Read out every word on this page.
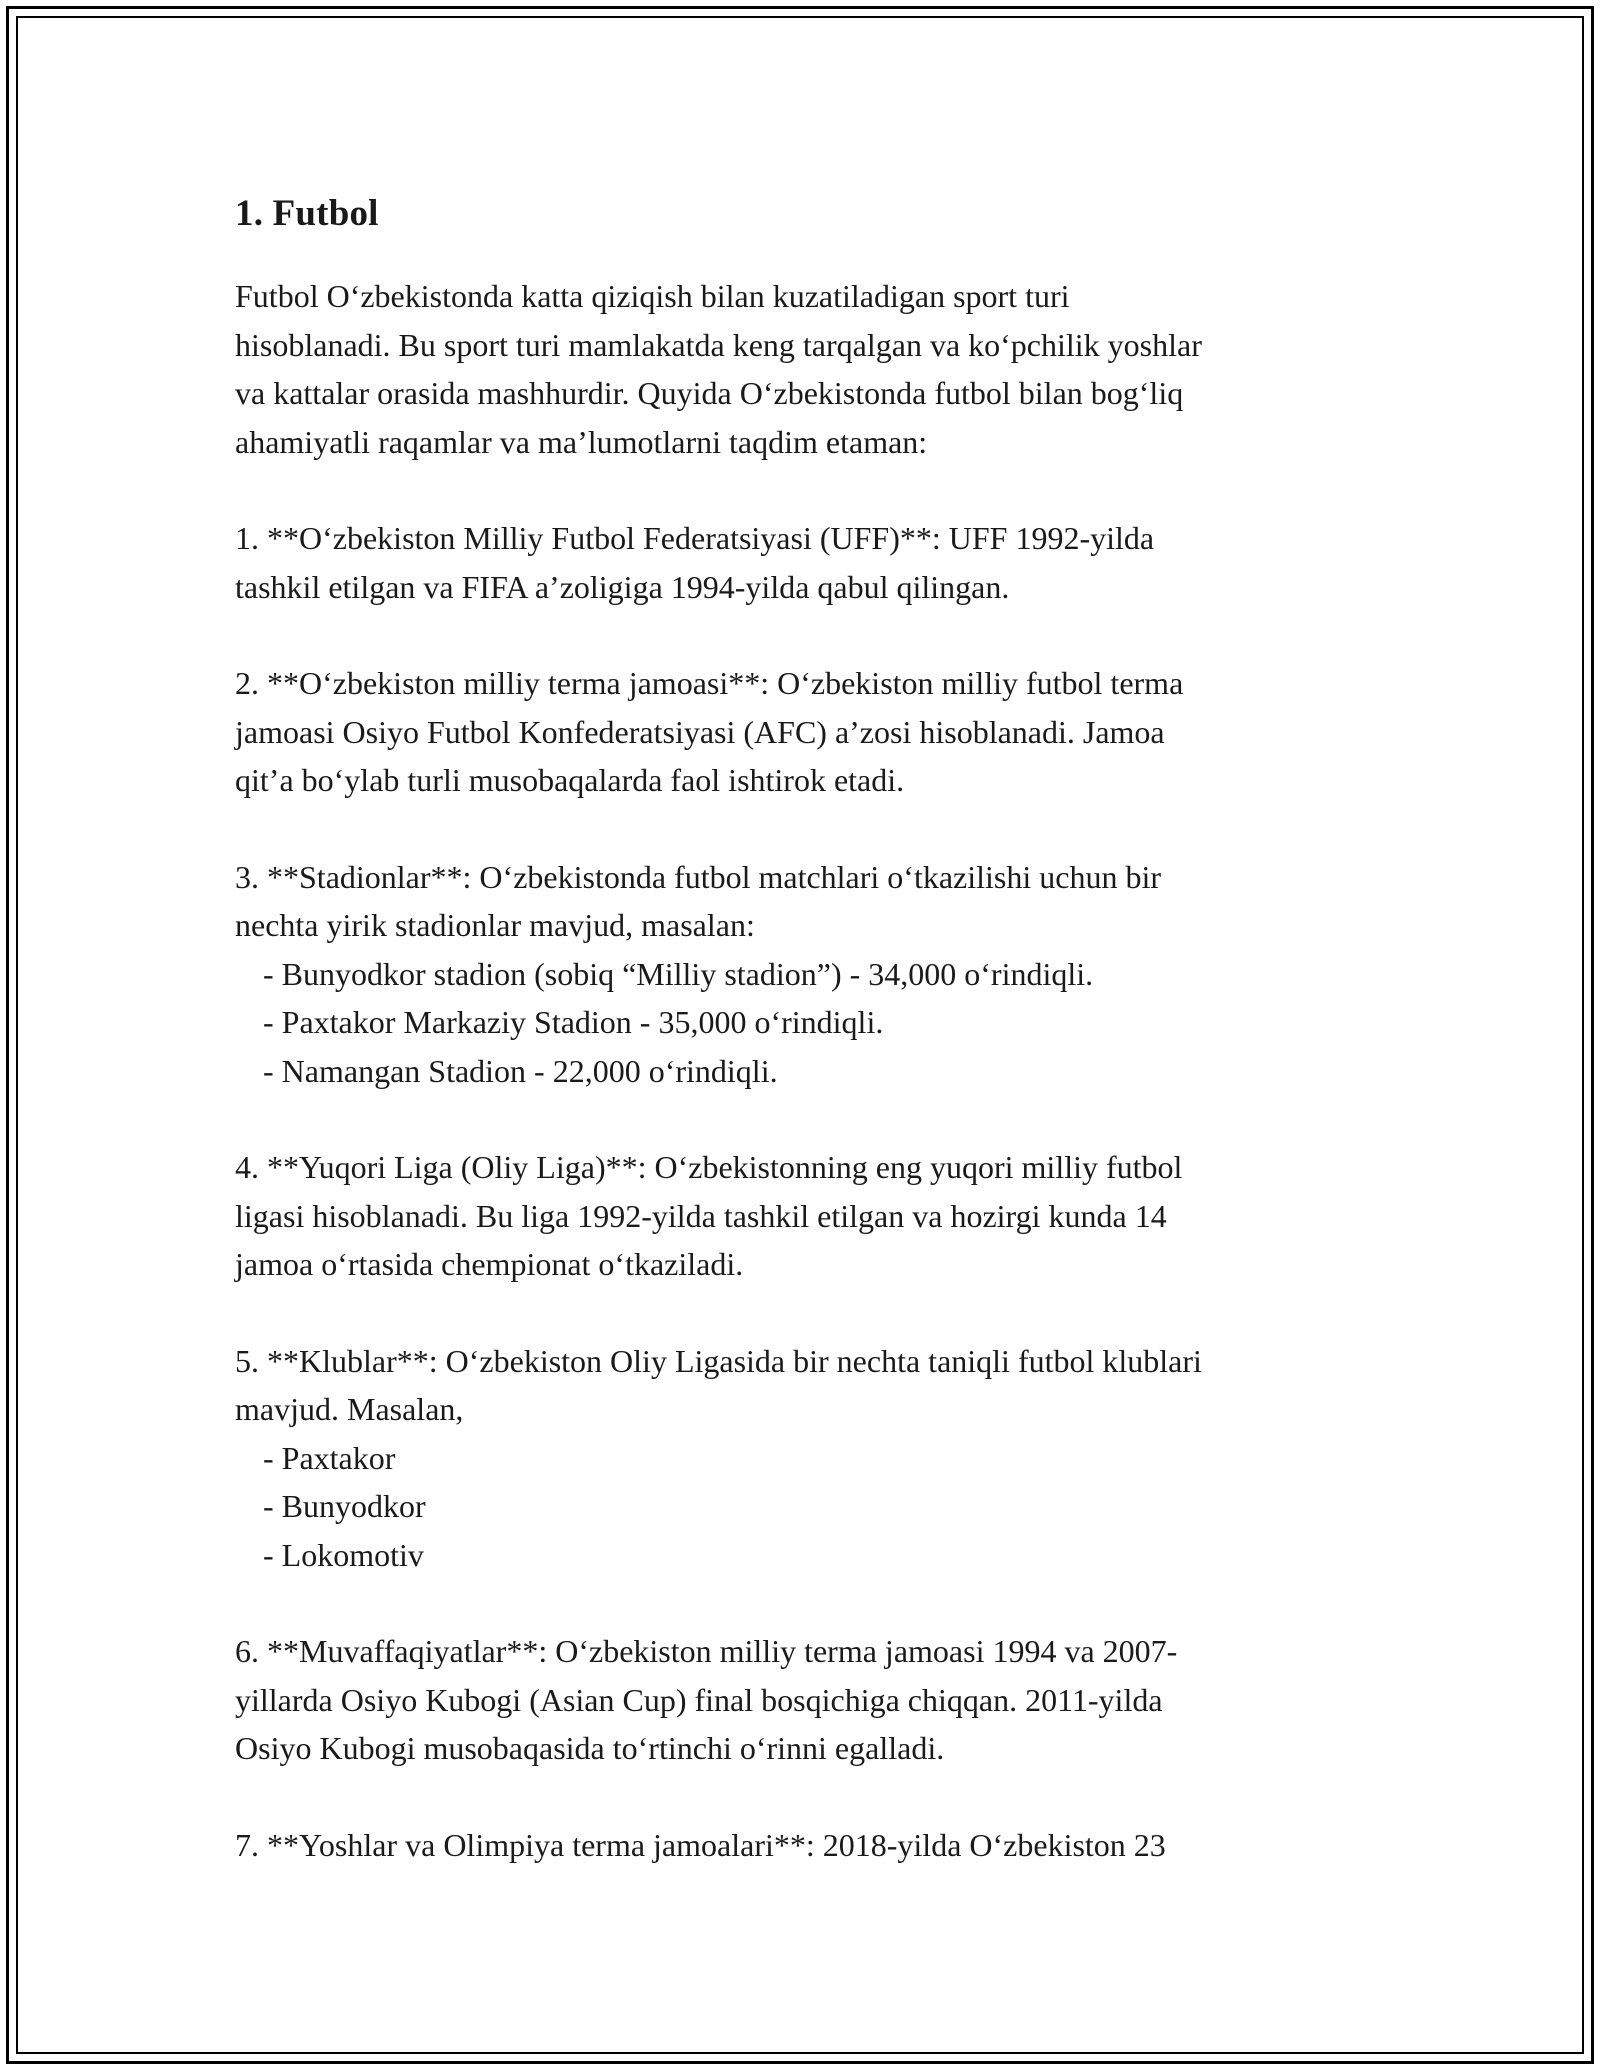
1. Futbol

Futbol O‘zbekistonda katta qiziqish bilan kuzatiladigan sport turi
hisoblanadi. Bu sport turi mamlakatda keng tarqalgan va ko‘pchilik yoshlar
va kattalar orasida mashhurdir. Quyida O‘zbekistonda futbol bilan bog‘liq
ahamiyatli raqamlar va ma’lumotlarni taqdim etaman:

1. **O‘zbekiston Milliy Futbol Federatsiyasi (UFF)**: UFF 1992-yilda
tashkil etilgan va FIFA a’zoligiga 1994-yilda qabul qilingan.

2. **O‘zbekiston milliy terma jamoasi**: O‘zbekiston milliy futbol terma
jamoasi Osiyo Futbol Konfederatsiyasi (AFC) a’zosi hisoblanadi. Jamoa
qit’a bo‘ylab turli musobaqalarda faol ishtirok etadi.

3. **Stadionlar**: O‘zbekistonda futbol matchlari o‘tkazilishi uchun bir
nechta yirik stadionlar mavjud, masalan:
- Bunyodkor stadion (sobiq “Milliy stadion”) - 34,000 o‘rindiqli.
- Paxtakor Markaziy Stadion - 35,000 o‘rindiqli.
- Namangan Stadion - 22,000 o‘rindiqli.

4. **Yuqori Liga (Oliy Liga)**: O‘zbekistonning eng yuqori milliy futbol
ligasi hisoblanadi. Bu liga 1992-yilda tashkil etilgan va hozirgi kunda 14
jamoa o‘rtasida chempionat o‘tkaziladi.

5. **Klublar**: O‘zbekiston Oliy Ligasida bir nechta taniqli futbol klublari
mavjud. Masalan,
- Paxtakor
- Bunyodkor
- Lokomotiv

6. **Muvaffaqiyatlar**: O‘zbekiston milliy terma jamoasi 1994 va 2007-
yillarda Osiyo Kubogi (Asian Cup) final bosqichiga chiqqan. 2011-yilda
Osiyo Kubogi musobaqasida to‘rtinchi o‘rinni egalladi.

7. **Yoshlar va Olimpiya terma jamoalari**: 2018-yilda O‘zbekiston 23
